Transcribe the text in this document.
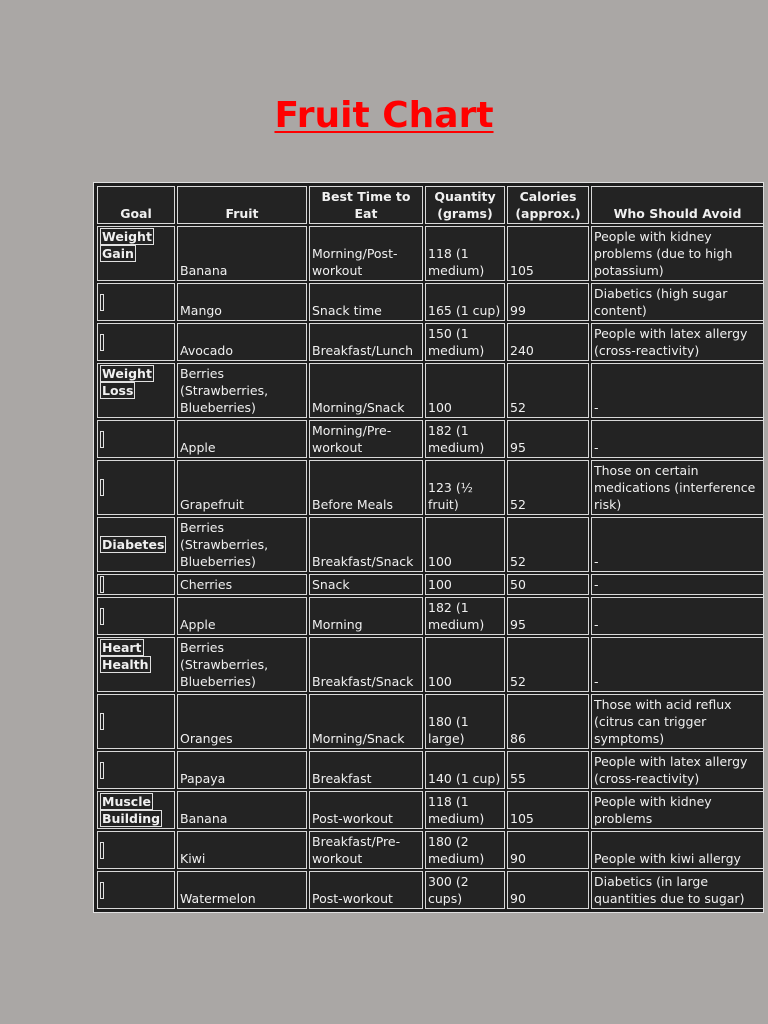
Fruit Chart
Goal	Fruit	Best Time to Eat	Quantity (grams)	Calories (approx.)	Who Should Avoid
Weight Gain	Banana	Morning/Post-workout	118 (1 medium)	105	People with kidney problems (due to high potassium)
	Mango	Snack time	165 (1 cup)	99	Diabetics (high sugar content)
	Avocado	Breakfast/Lunch	150 (1 medium)	240	People with latex allergy (cross-reactivity)
Weight Loss	Berries (Strawberries, Blueberries)	Morning/Snack	100	52	-
	Apple	Morning/Pre-workout	182 (1 medium)	95	-
	Grapefruit	Before Meals	123 (½ fruit)	52	Those on certain medications (interference risk)
Diabetes	Berries (Strawberries, Blueberries)	Breakfast/Snack	100	52	-
	Cherries	Snack	100	50	-
	Apple	Morning	182 (1 medium)	95	-
Heart Health	Berries (Strawberries, Blueberries)	Breakfast/Snack	100	52	-
	Oranges	Morning/Snack	180 (1 large)	86	Those with acid reflux (citrus can trigger symptoms)
	Papaya	Breakfast	140 (1 cup)	55	People with latex allergy (cross-reactivity)
Muscle Building	Banana	Post-workout	118 (1 medium)	105	People with kidney problems
	Kiwi	Breakfast/Pre-workout	180 (2 medium)	90	People with kiwi allergy
	Watermelon	Post-workout	300 (2 cups)	90	Diabetics (in large quantities due to sugar)
